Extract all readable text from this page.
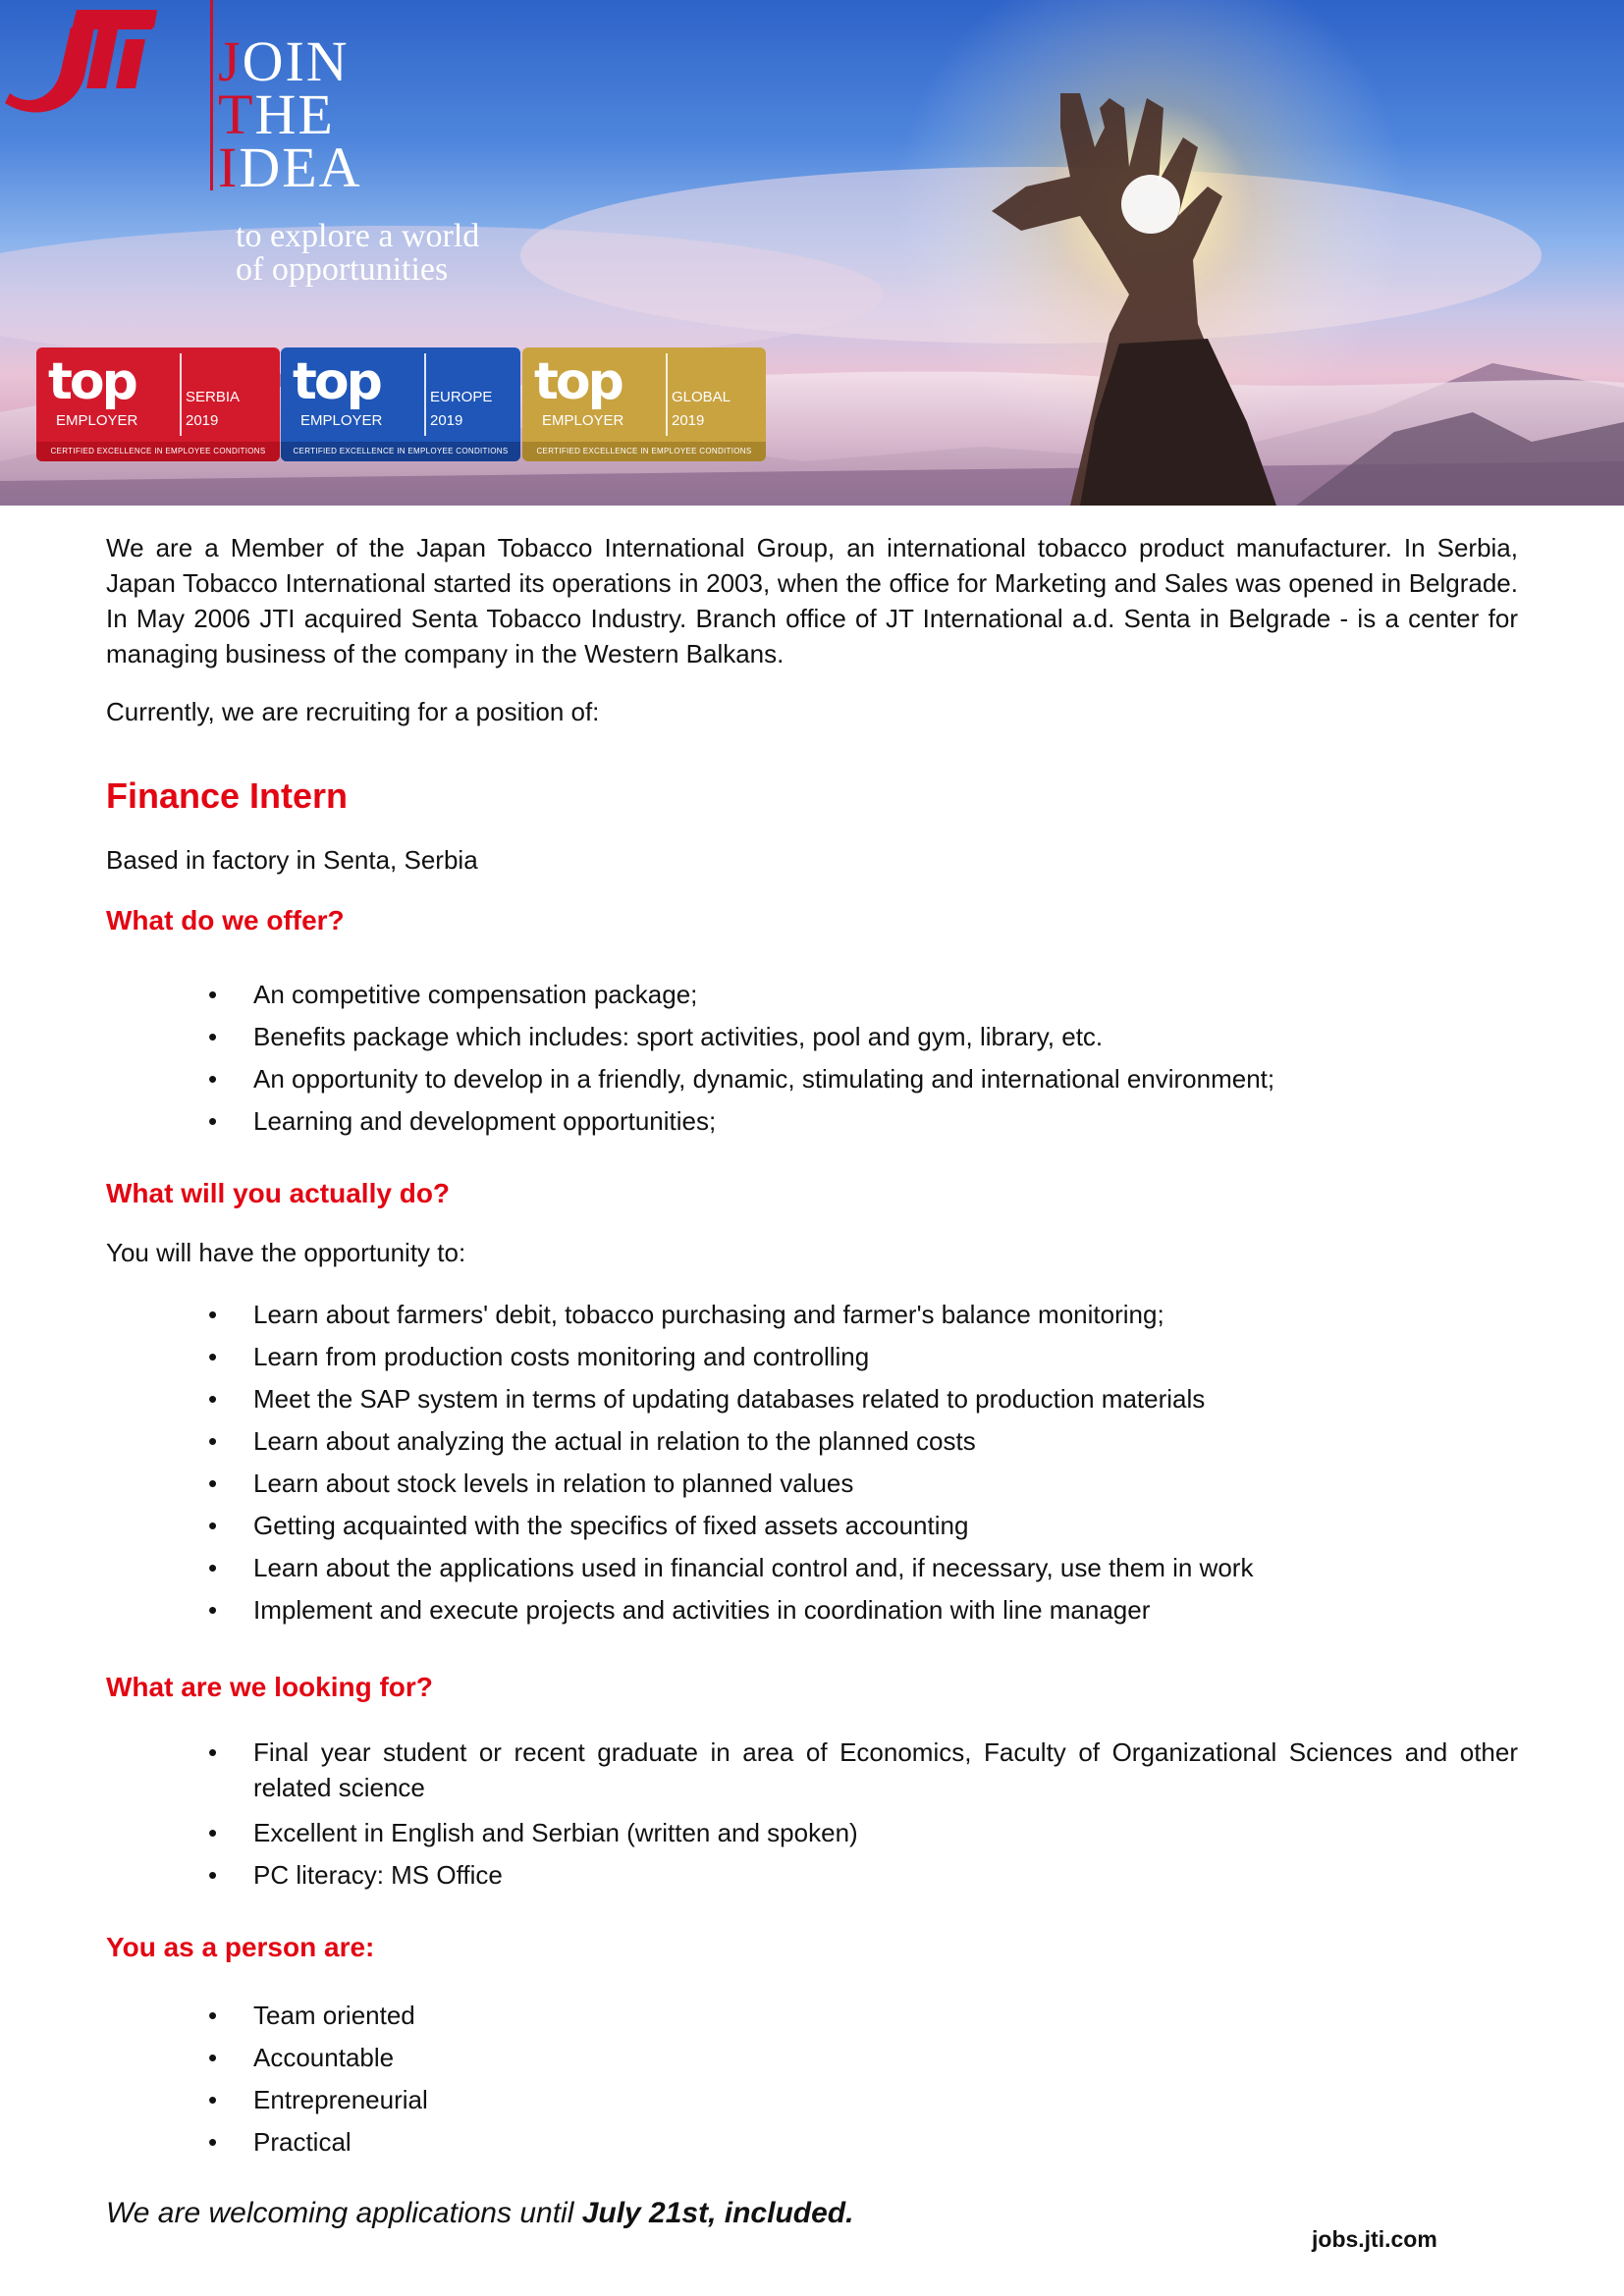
JOIN
THE
IDEA
to explore a world
of opportunities
top
EMPLOYER
SERBIA
2019
CERTIFIED EXCELLENCE IN EMPLOYEE CONDITIONS
top
EMPLOYER
EUROPE
2019
CERTIFIED EXCELLENCE IN EMPLOYEE CONDITIONS
top
EMPLOYER
GLOBAL
2019
CERTIFIED EXCELLENCE IN EMPLOYEE CONDITIONS

We are a Member of the Japan Tobacco International Group, an international tobacco product manufacturer. In Serbia, Japan Tobacco International started its operations in 2003, when the office for Marketing and Sales was opened in Belgrade. In May 2006 JTI acquired Senta Tobacco Industry. Branch office of JT International a.d. Senta in Belgrade - is a center for managing business of the company in the Western Balkans.

Currently, we are recruiting for a position of:

Finance Intern

Based in factory in Senta, Serbia

What do we offer?

• An competitive compensation package;
• Benefits package which includes: sport activities, pool and gym, library, etc.
• An opportunity to develop in a friendly, dynamic, stimulating and international environment;
• Learning and development opportunities;

What will you actually do?

You will have the opportunity to:

• Learn about farmers' debit, tobacco purchasing and farmer's balance monitoring;
• Learn from production costs monitoring and controlling
• Meet the SAP system in terms of updating databases related to production materials
• Learn about analyzing the actual in relation to the planned costs
• Learn about stock levels in relation to planned values
• Getting acquainted with the specifics of fixed assets accounting
• Learn about the applications used in financial control and, if necessary, use them in work
• Implement and execute projects and activities in coordination with line manager

What are we looking for?

• Final year student or recent graduate in area of Economics, Faculty of Organizational Sciences and other related science
• Excellent in English and Serbian (written and spoken)
• PC literacy: MS Office

You as a person are:

• Team oriented
• Accountable
• Entrepreneurial
• Practical

We are welcoming applications until July 21st, included.

jobs.jti.com
